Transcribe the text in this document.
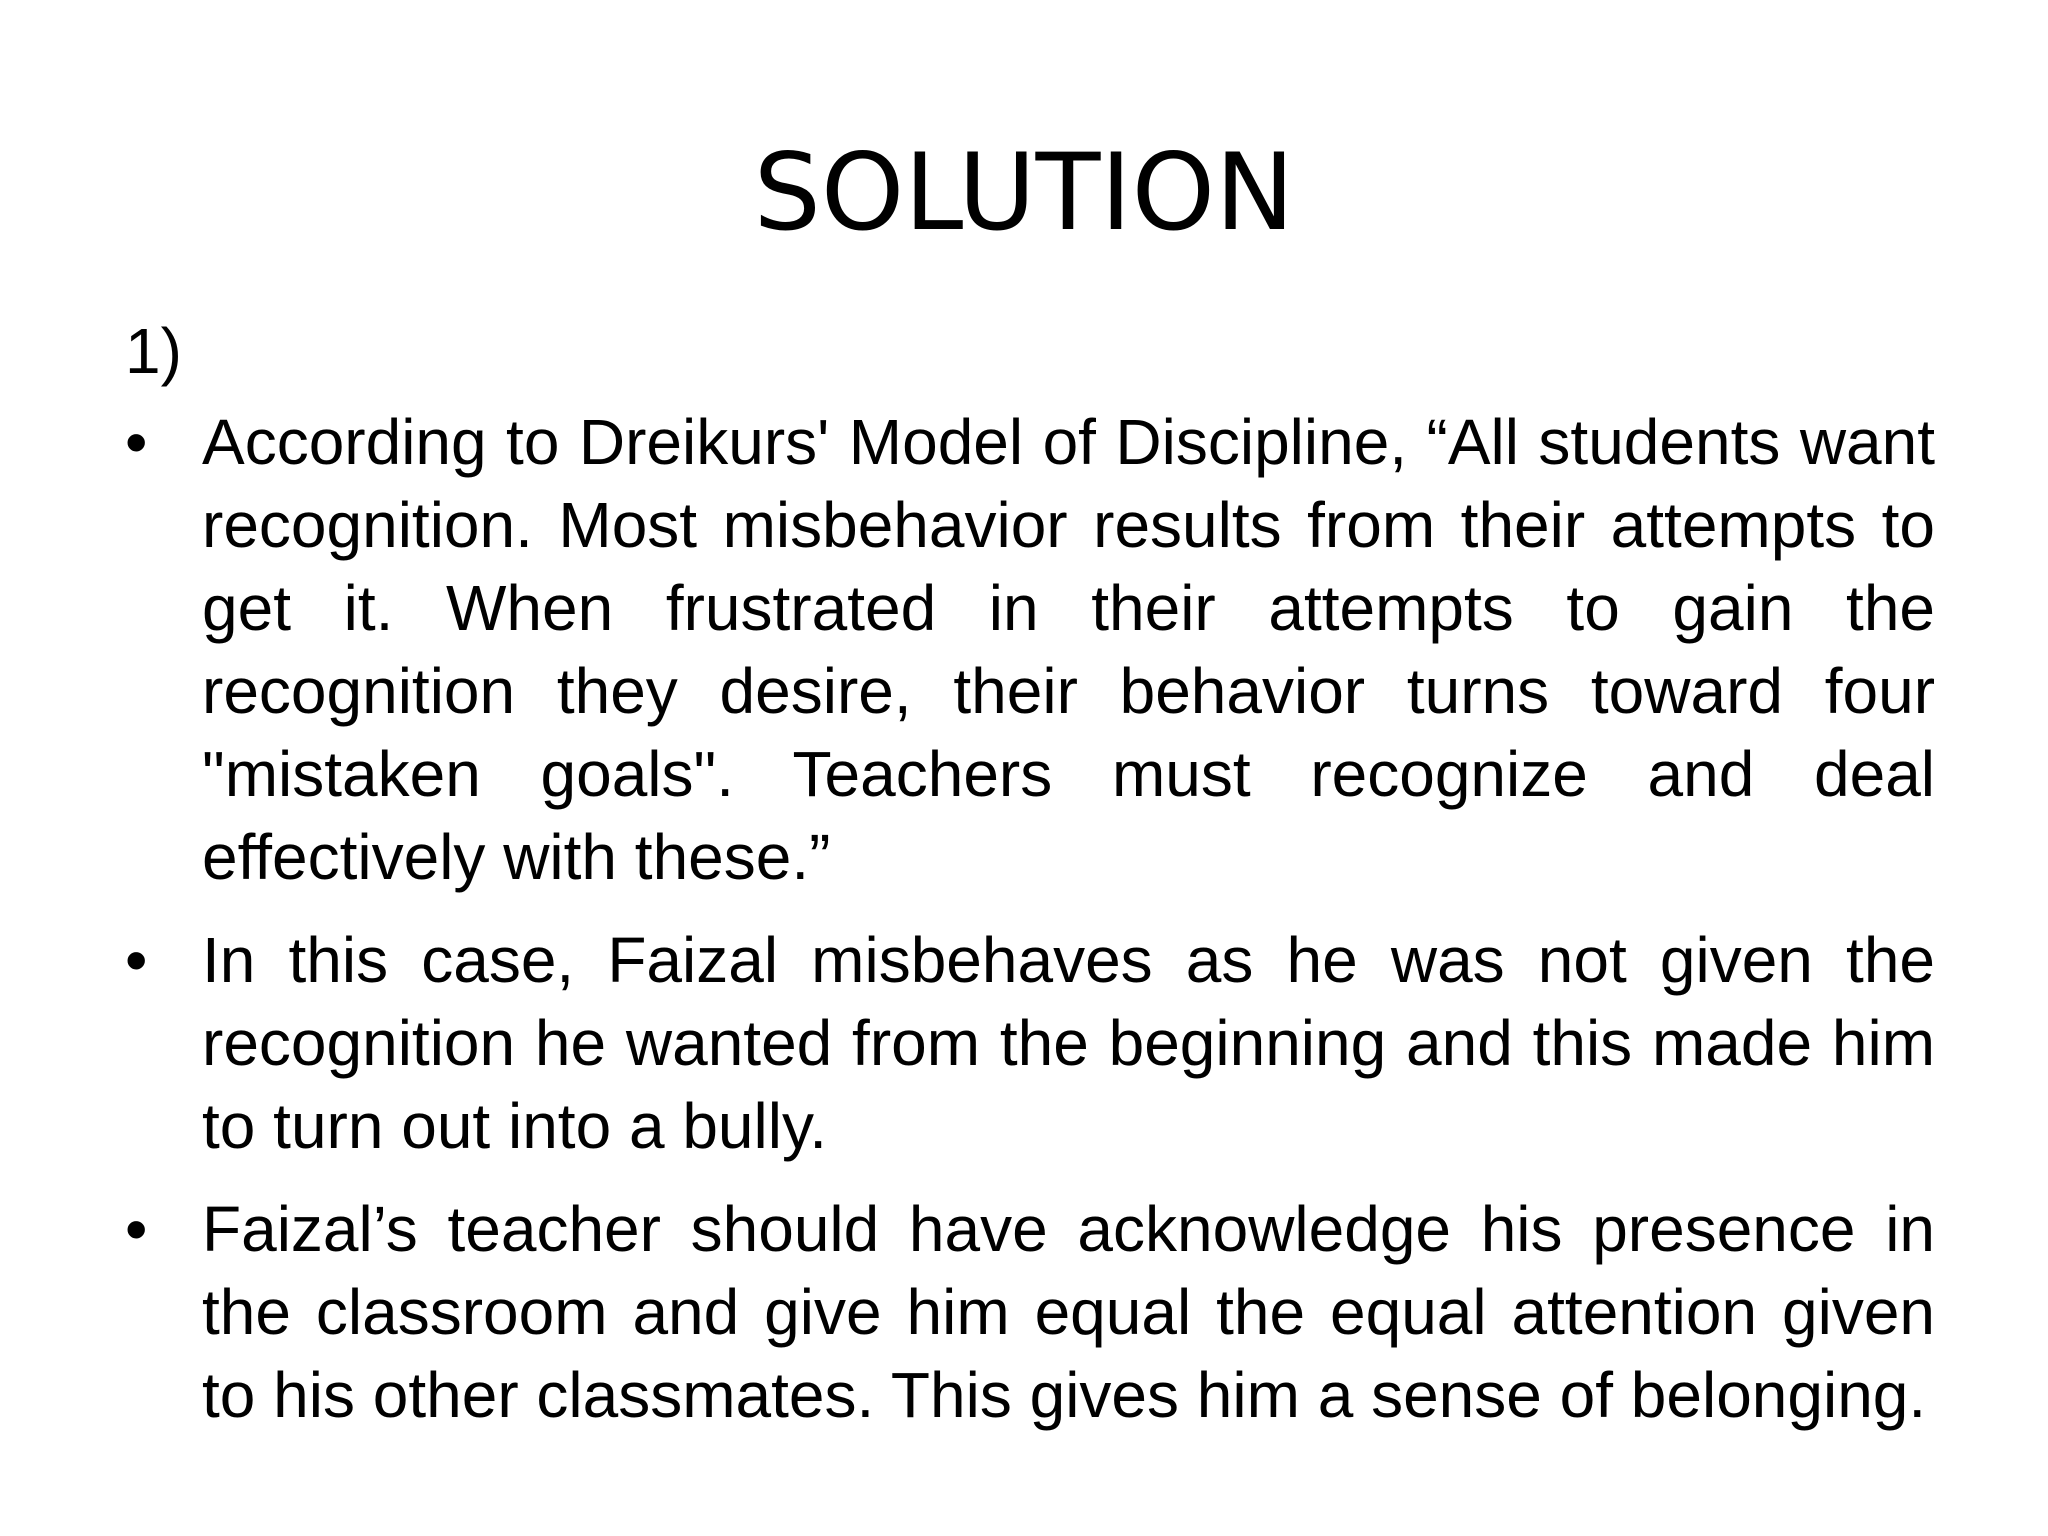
SOLUTION
1)
• According to Dreikurs' Model of Discipline, “All students want recognition. Most misbehavior results from their attempts to get it. When frustrated in their attempts to gain the recognition they desire, their behavior turns toward four "mistaken goals". Teachers must recognize and deal effectively with these.”
• In this case, Faizal misbehaves as he was not given the recognition he wanted from the beginning and this made him to turn out into a bully.
• Faizal’s teacher should have acknowledge his presence in the classroom and give him equal the equal attention given to his other classmates. This gives him a sense of belonging.
